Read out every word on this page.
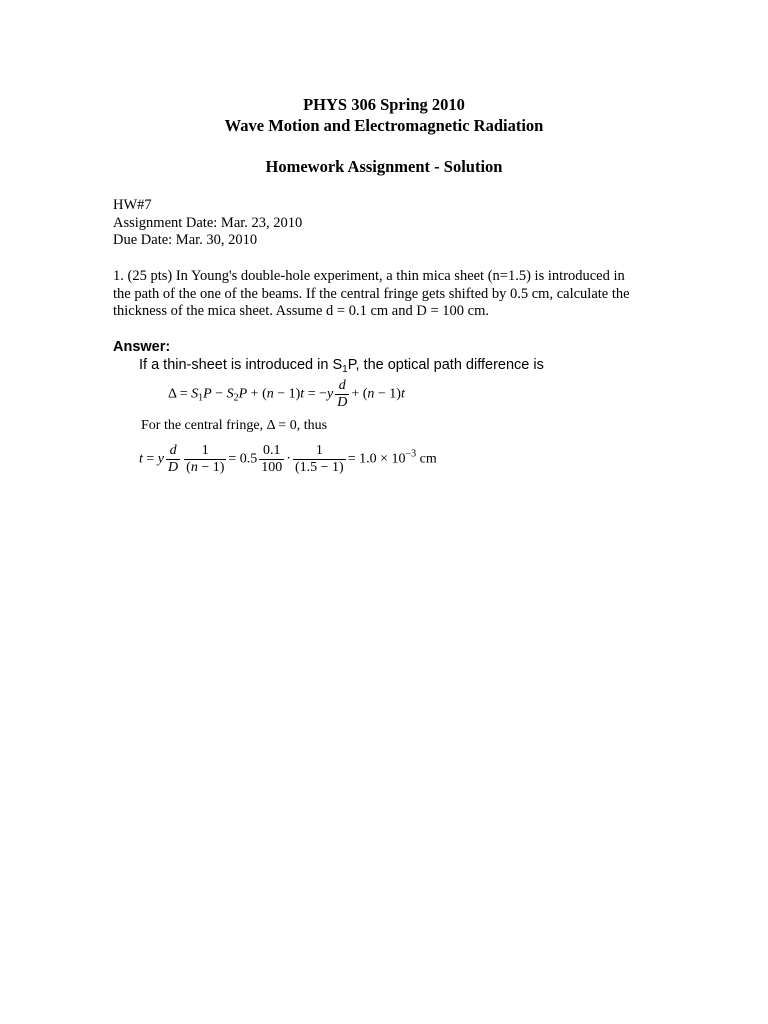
PHYS 306 Spring 2010
Wave Motion and Electromagnetic Radiation
Homework Assignment - Solution
HW#7
Assignment Date: Mar. 23, 2010
Due Date: Mar. 30, 2010
1. (25 pts) In Young's double-hole experiment, a thin mica sheet (n=1.5) is introduced in
the path of the one of the beams. If the central fringe gets shifted by 0.5 cm, calculate the
thickness of the mica sheet. Assume d = 0.1 cm and D = 100 cm.
Answer:
If a thin-sheet is introduced in $S_1P$, the optical path difference is
$\Delta = S_1P - S_2P + (n - 1)t = -y \frac{d}{D} + (n - 1)t$
For the central fringe, Δ = 0, thus
t = y $\frac{d}{D} \frac{1}{(n - 1)} = 0.5 \frac{0.1}{100} \cdot \frac{1}{(1.5 - 1)} = 1.0 \times 10^{-3}$ cm
